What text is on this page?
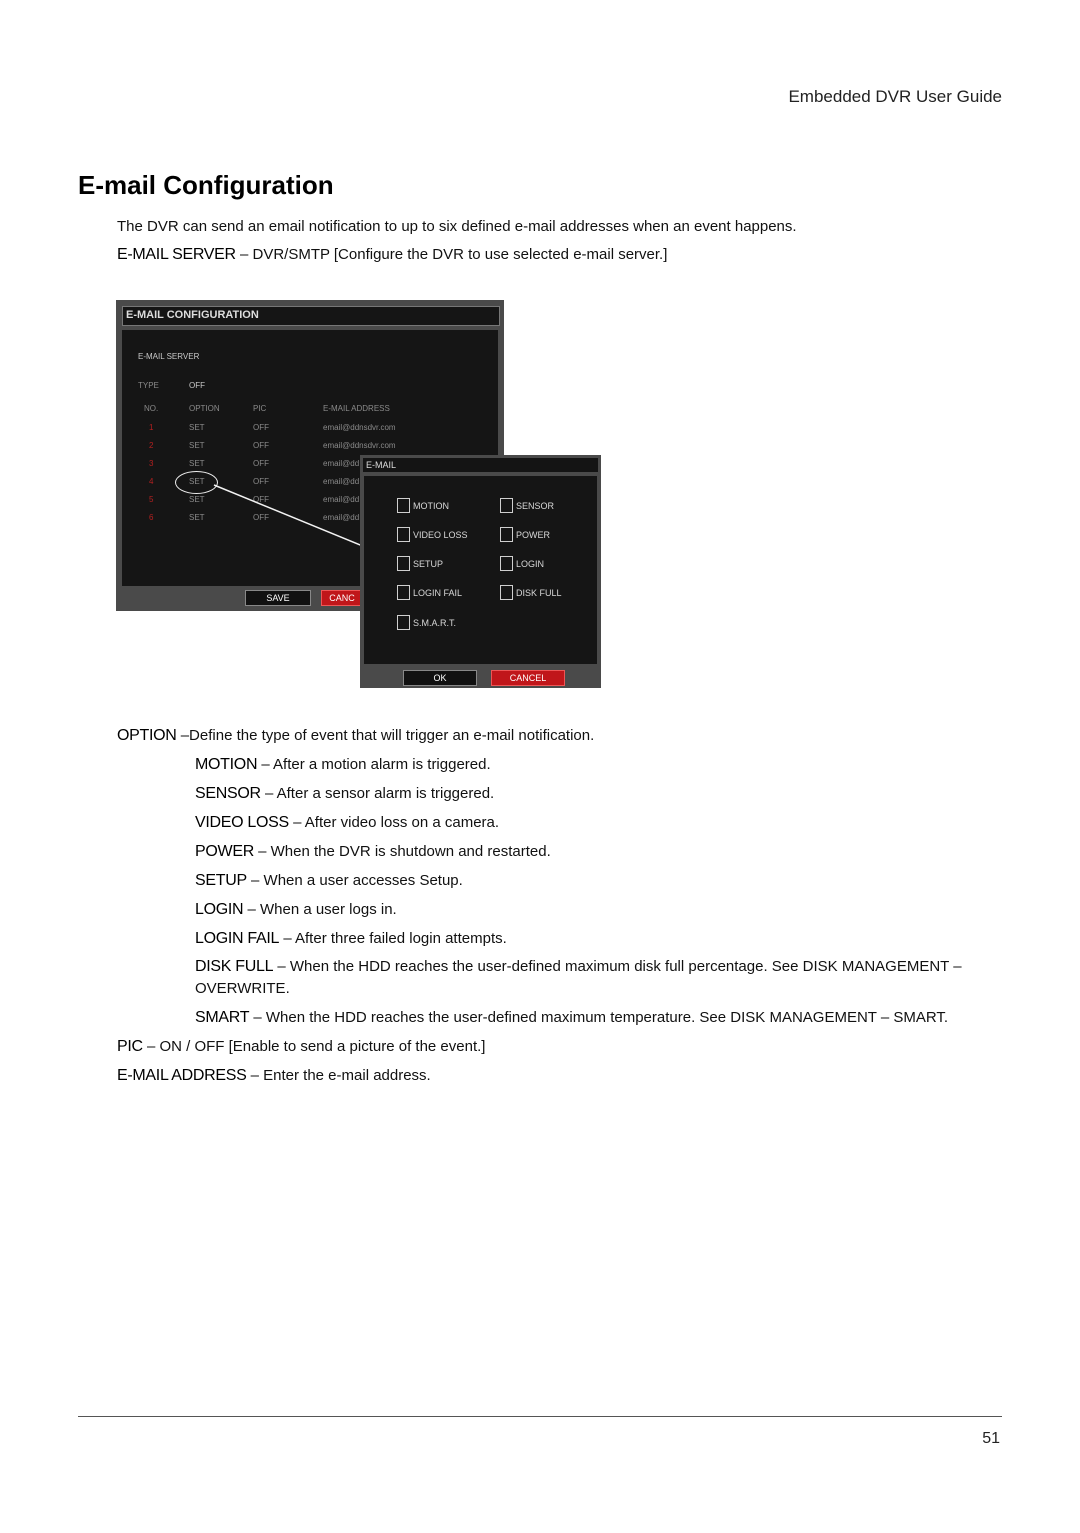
Embedded DVR User Guide
E-mail Configuration
The DVR can send an email notification to up to six defined e-mail addresses when an event happens.
E-MAIL SERVER – DVR/SMTP [Configure the DVR to use selected e-mail server.]
E-MAIL CONFIGURATION
E-MAIL SERVER
TYPE	OFF
NO.	OPTION	PIC	E-MAIL ADDRESS
1	SET	OFF	email@ddnsdvr.com
2	SET	OFF	email@ddnsdvr.com
3	SET	OFF	email@dd
4	SET	OFF	email@dd
5	SET	OFF	email@dd
6	SET	OFF	email@dd
SAVE	CANC
E-MAIL
MOTION	SENSOR
VIDEO LOSS	POWER
SETUP	LOGIN
LOGIN FAIL	DISK FULL
S.M.A.R.T.
OK	CANCEL
OPTION –Define the type of event that will trigger an e-mail notification.
MOTION – After a motion alarm is triggered.
SENSOR – After a sensor alarm is triggered.
VIDEO LOSS – After video loss on a camera.
POWER – When the DVR is shutdown and restarted.
SETUP – When a user accesses Setup.
LOGIN – When a user logs in.
LOGIN FAIL – After three failed login attempts.
DISK FULL – When the HDD reaches the user-defined maximum disk full percentage. See DISK MANAGEMENT – OVERWRITE.
SMART – When the HDD reaches the user-defined maximum temperature. See DISK MANAGEMENT – SMART.
PIC – ON / OFF [Enable to send a picture of the event.]
E-MAIL ADDRESS – Enter the e-mail address.
51
